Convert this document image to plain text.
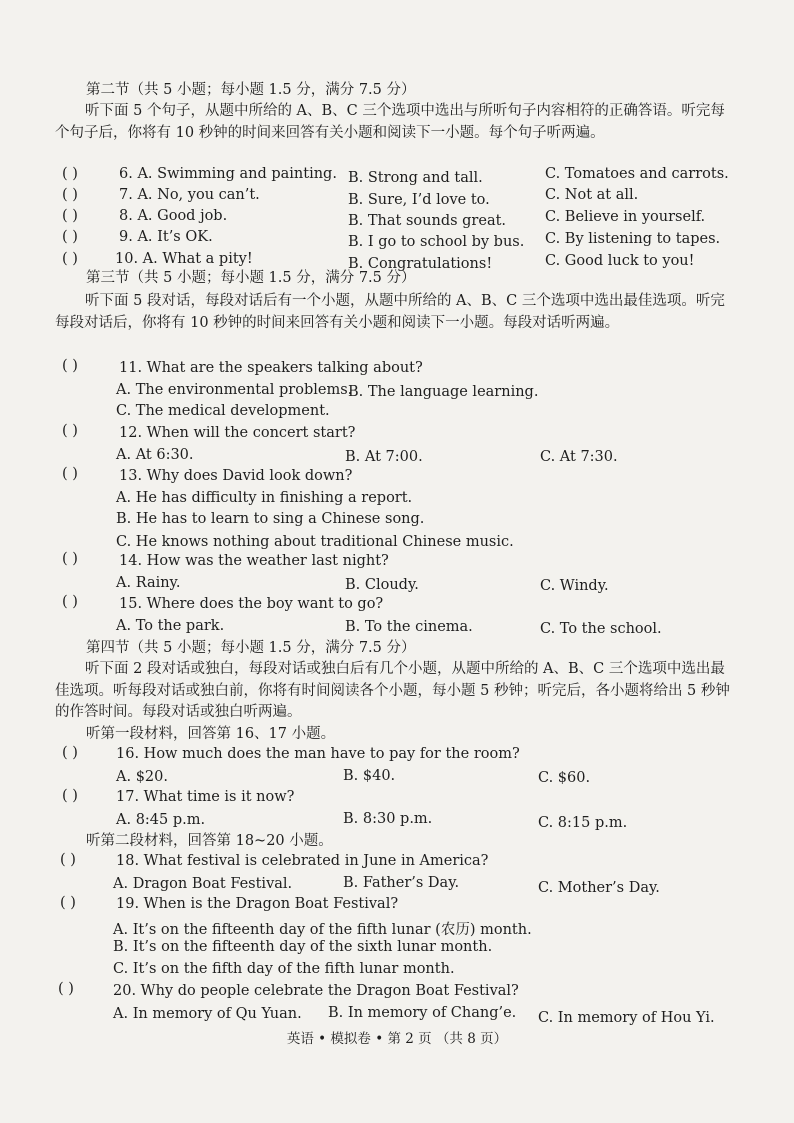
第二节（共 5 小题；每小题 1.5 分，满分 7.5 分）
听下面 5 个句子，从题中所给的 A、B、C 三个选项中选出与所听句子内容相符的正确答语。听完每个句子后，你将有 10 秒钟的时间来回答有关小题和阅读下一小题。每个句子听两遍。
( )	6. A. Swimming and painting. B. Strong and tall.	C. Tomatoes and carrots.
( )	7. A. No, you can’t.	B. Sure, I’d love to.	C. Not at all.
( )	8. A. Good job.	B. That sounds great.	C. Believe in yourself.
( )	9. A. It’s OK.	B. I go to school by bus. C. By listening to tapes.
( )	10. A. What a pity!	B. Congratulations!	C. Good luck to you!
第三节（共 5 小题；每小题 1.5 分，满分 7.5 分）
听下面 5 段对话，每段对话后有一个小题，从题中所给的 A、B、C 三个选项中选出最佳选项。听完每段对话后，你将有 10 秒钟的时间来回答有关小题和阅读下一小题。每段对话听两遍。
( )	11. What are the speakers talking about?
A. The environmental problems.
B. The language learning.
C. The medical development.
( )	12. When will the concert start?
A. At 6:30.	B. At 7:00.	C. At 7:30.
( )	13. Why does David look down?
A. He has difficulty in finishing a report.
B. He has to learn to sing a Chinese song.
C. He knows nothing about traditional Chinese music.
( )	14. How was the weather last night?
A. Rainy.	B. Cloudy.	C. Windy.
( )	15. Where does the boy want to go?
A. To the park.	B. To the cinema.	C. To the school.
第四节（共 5 小题；每小题 1.5 分，满分 7.5 分）
听下面 2 段对话或独白，每段对话或独白后有几个小题，从题中所给的 A、B、C 三个选项中选出最佳选项。听每段对话或独白前，你将有时间阅读各个小题，每小题 5 秒钟；听完后，各小题将给出 5 秒钟的作答时间。每段对话或独白听两遍。
听第一段材料，回答第 16、17 小题。
( )	16. How much does the man have to pay for the room?
A. $20.	B. $40.	C. $60.
( )	17. What time is it now?
A. 8:45 p.m.	B. 8:30 p.m.	C. 8:15 p.m.
听第二段材料，回答第 18~20 小题。
( )	18. What festival is celebrated in June in America?
A. Dragon Boat Festival.	B. Father’s Day.	C. Mother’s Day.
( )	19. When is the Dragon Boat Festival?
A. It’s on the fifteenth day of the fifth lunar (农历) month.
B. It’s on the fifteenth day of the sixth lunar month.
C. It’s on the fifth day of the fifth lunar month.
( )	20. Why do people celebrate the Dragon Boat Festival?
A. In memory of Qu Yuan. B. In memory of Chang’e. C. In memory of Hou Yi.
英语 • 模拟卷 • 第 2 页 （共 8 页）
